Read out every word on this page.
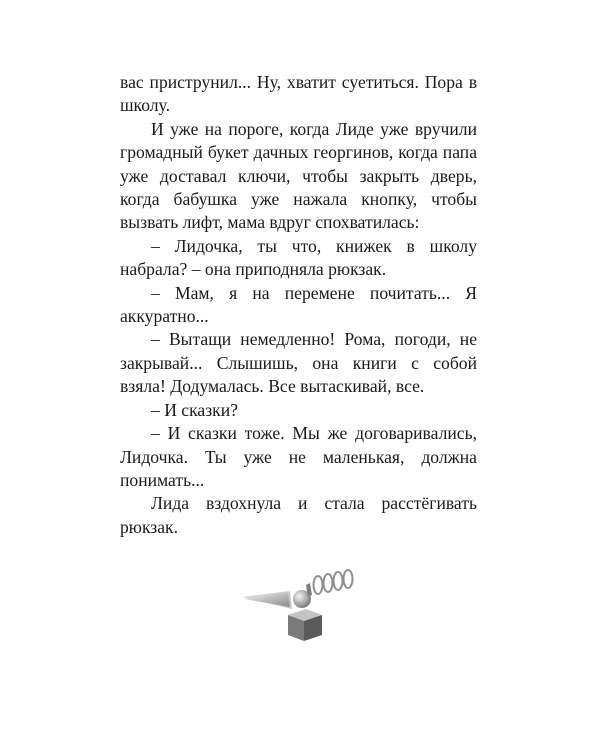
вас приструнил... Ну, хватит суетиться. Пора в школу.

И уже на пороге, когда Лиде уже вручили громадный букет дачных георгинов, когда папа уже доставал ключи, чтобы закрыть дверь, когда бабушка уже нажала кнопку, чтобы вызвать лифт, мама вдруг спохватилась:

– Лидочка, ты что, книжек в школу набрала? – она приподняла рюкзак.

– Мам, я на перемене почитать... Я аккуратно...

– Вытащи немедленно! Рома, погоди, не закрывай... Слышишь, она книги с собой взяла! Додумалась. Все вытаскивай, все.

– И сказки?

– И сказки тоже. Мы же договаривались, Лидочка. Ты уже не маленькая, должна понимать...

Лида вздохнула и стала расстёгивать рюкзак.
